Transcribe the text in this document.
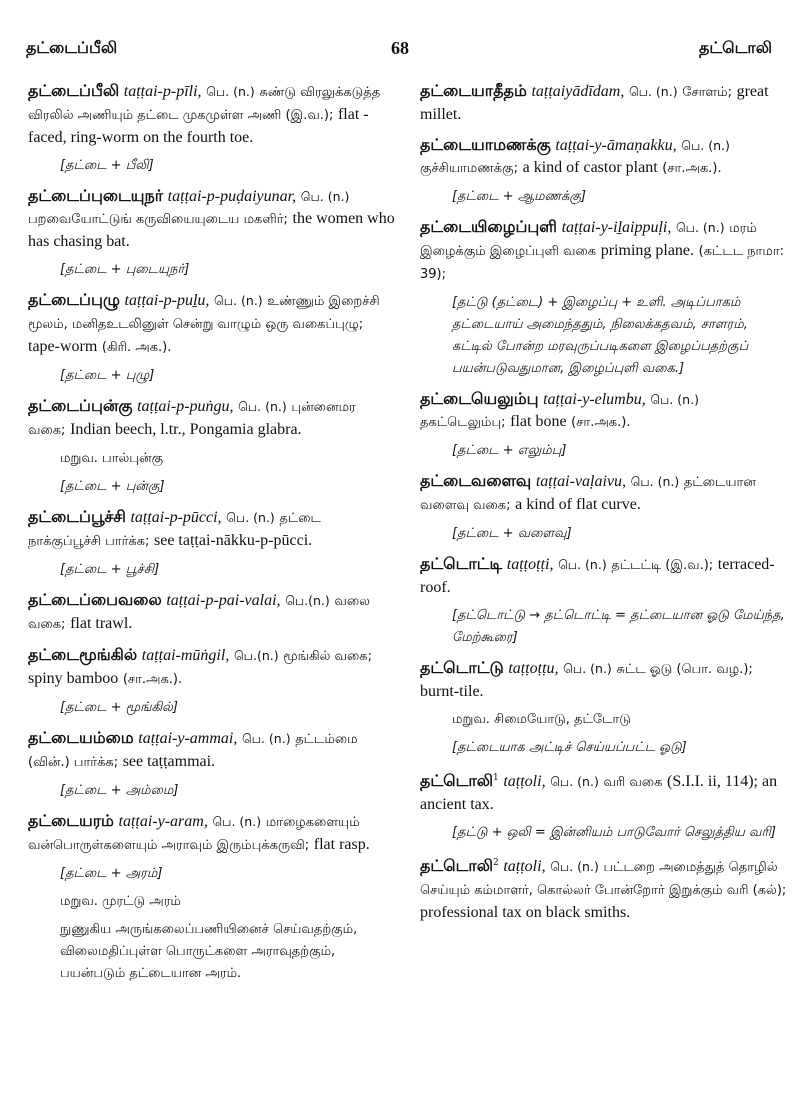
தட்டைப்பீலி	68	தட்டொலி
தட்டைப்பீலி taṭṭai-p-pīli, பெ. (n.) சுண்டு விரலுக்கடுத்த விரலில் அணியும் தட்டை முகமுள்ள அணி (இ.வ.); flat - faced, ring-worm on the fourth toe.
[தட்டை + பீலி]
தட்டைப்புடையுநர் taṭṭai-p-puḍaiyunar, பெ. (n.) பறவையோட்டுங் கருவியையுடைய மகளிர்; the women who has chasing bat.
[தட்டை + புடையுநர்]
தட்டைப்புழு taṭṭai-p-puḻu, பெ. (n.) உண்ணும் இறைச்சி மூலம், மனிதஉடலினுள் சென்று வாழும் ஒரு வகைப்புழு; tape-worm (கிரி. அக.).
[தட்டை + புழு]
தட்டைப்புன்கு taṭṭai-p-puṅgu, பெ. (n.) புன்னைமர வகை; Indian beech, l.tr., Pongamia glabra.
மறுவ. பால்புன்கு
[தட்டை + புன்கு]
தட்டைப்பூச்சி taṭṭai-p-pūcci, பெ. (n.) தட்டை நாக்குப்பூச்சி பார்க்க; see taṭṭai-nākku-p-pūcci.
[தட்டை + பூச்சி]
தட்டைப்பைவலை taṭṭai-p-pai-valai, பெ.(n.) வலை வகை; flat trawl.
தட்டைமூங்கில் taṭṭai-mūṅgil, பெ.(n.) மூங்கில் வகை; spiny bamboo (சா.அக.).
[தட்டை + மூங்கில்]
தட்டையம்மை taṭṭai-y-ammai, பெ. (n.) தட்டம்மை (வின்.) பார்க்க; see taṭṭammai.
[தட்டை + அம்மை]
தட்டையரம் taṭṭai-y-aram, பெ. (n.) மாழைகளையும் வன்பொருள்களையும் அராவும் இரும்புக்கருவி; flat rasp.
[தட்டை + அரம்]
மறுவ. முரட்டு அரம்
நுணுகிய அருங்கலைப்பணியினைச் செய்வதற்கும், விலைமதிப்புள்ள பொருட்களை அராவுதற்கும், பயன்படும் தட்டையான அரம்.
தட்டையாதீதம் taṭṭaiyādīdam, பெ. (n.) சோளம்; great millet.
தட்டையாமணக்கு taṭṭai-y-āmaṇakku, பெ. (n.) குச்சியாமணக்கு; a kind of castor plant (சா.அக.).
[தட்டை + ஆமணக்கு]
தட்டையிழைப்புளி taṭṭai-y-iḻaippuḷi, பெ. (n.) மரம் இழைக்கும் இழைப்புளி வகை priming plane. (கட்டட நாமா: 39);
[தட்டு (தட்டை) + இழைப்பு + உளி. அடிப்பாகம் தட்டையாய் அமைந்ததும், நிலைக்கதவம், சாளரம், கட்டில் போன்ற மரவுருப்படிகளை இழைப்பதற்குப் பயன்படுவதுமான, இழைப்புளி வகை.]
தட்டையெலும்பு taṭṭai-y-elumbu, பெ. (n.) தகட்டெலும்பு; flat bone (சா.அக.).
[தட்டை + எலும்பு]
தட்டைவளைவு taṭṭai-vaḷaivu, பெ. (n.) தட்டையான வளைவு வகை; a kind of flat curve.
[தட்டை + வளைவு]
தட்டொட்டி taṭṭoṭṭi, பெ. (n.) தட்டட்டி (இ.வ.); terraced-roof.
[தட்டொட்டு → தட்டொட்டி = தட்டையான ஓடு மேய்ந்த, மேற்கூரை]
தட்டொட்டு taṭṭoṭṭu, பெ. (n.) சுட்ட ஓடு (பொ. வழ.); burnt-tile.
மறுவ. சிமையோடு, தட்டோடு
[தட்டையாக அட்டிச் செய்யப்பட்ட ஓடு]
தட்டொலி$^1$ taṭṭoli, பெ. (n.) வரி வகை (S.I.I. ii, 114); an ancient tax.
[தட்டு + ஒலி = இன்னியம் பாடுவோர் செலுத்திய வரி]
தட்டொலி$^2$ taṭṭoli, பெ. (n.) பட்டறை அமைத்துத் தொழில் செய்யும் கம்மாளர், கொல்லர் போன்றோர் இறுக்கும் வரி (கல்); professional tax on black smiths.
